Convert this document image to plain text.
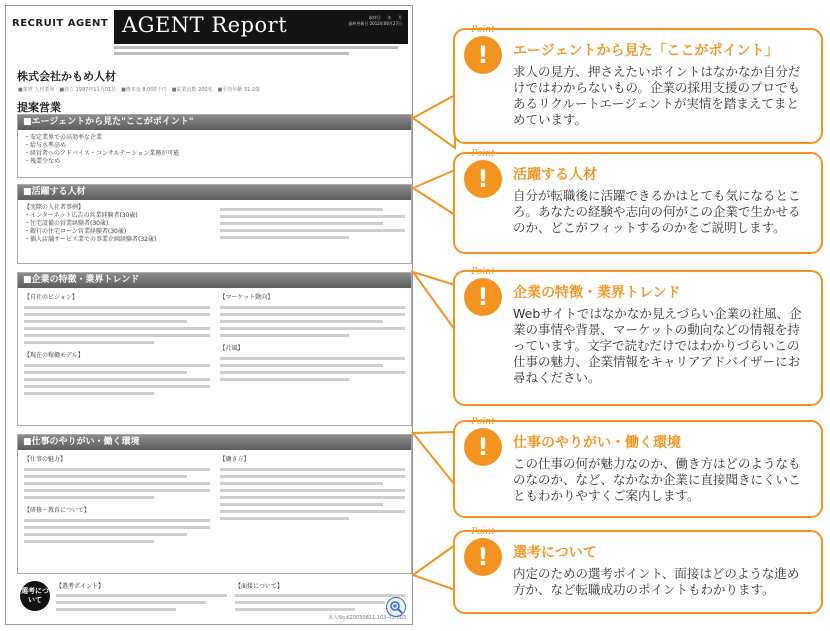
RECRUIT AGENT AGENT Report	取材日 　 年 　 月
最終更新日 2012年06月27日
株式会社かもめ人材
■業界 人材業界　■設立 1997年11月01日　■資本金 8,000千円　■従業員数 200名　■平均年齢 31.2歳
提案営業
■エージェントから見た"ここがポイント"
・安定業界での高効率な企業
・給与水準高め
・経営者へのアドバイス・コンサルテーション業務が可能
・残業少なめ
■活躍する人材
【実際の入社者事例】
・インターネット広告の営業経験者(30歳)
・住宅設備の営業経験者(30歳)
・銀行の住宅ローン営業経験者(30歳)
・個人店舗サービス業での事業企画経験者(32歳)
■企業の特徴・業界トレンド
【自社のビジョン】
【現在の稼働モデル】
【マーケット動向】
【社風】
■仕事のやりがい・働く環境
【仕事の魅力】
【研修・教育について】
【働き方】
選考について
【選考ポイント】	【面接について】
求人No.K20050811-103-01-003
Point
!	エージェントから見た「ここがポイント」
求人の見方、押さえたいポイントはなかなか自分だけではわからないもの。企業の採用支援のプロでもあるリクルートエージェントが実情を踏まえてまとめています。
Point
!	活躍する人材
自分が転職後に活躍できるかはとても気になるところ。あなたの経験や志向の何がこの企業で生かせるのか、どこがフィットするのかをご説明します。
Point
!	企業の特徴・業界トレンド
Webサイトではなかなか見えづらい企業の社風、企業の事情や背景、マーケットの動向などの情報を持っています。文字で読むだけではわかりづらいこの仕事の魅力、企業情報をキャリアアドバイザーにお尋ねください。
Point
!	仕事のやりがい・働く環境
この仕事の何が魅力なのか、働き方はどのようなものなのか、など、なかなか企業に直接聞きにくいこともわかりやすくご案内します。
Point
!	選考について
内定のための選考ポイント、面接はどのような進め方か、など転職成功のポイントもわかります。
